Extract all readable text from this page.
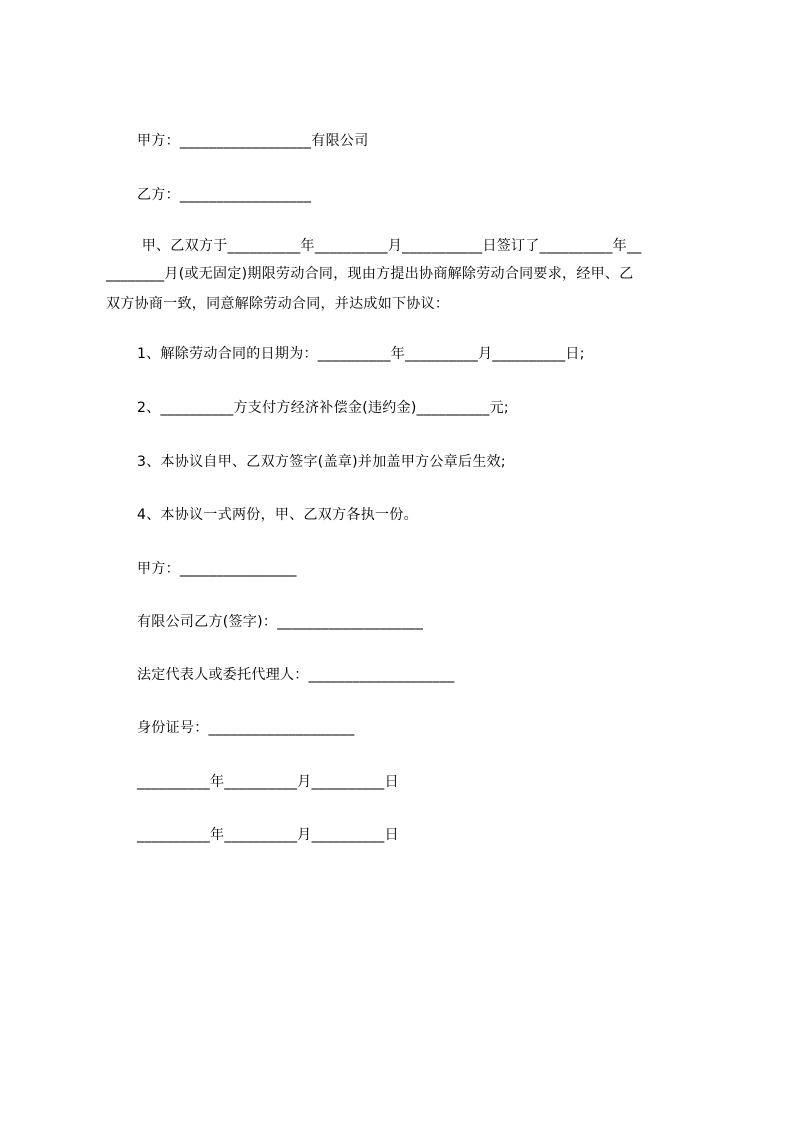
甲方：__________________有限公司
乙方：__________________
甲、乙双方于__________年__________月___________日签订了__________年__
________月(或无固定)期限劳动合同，现由方提出协商解除劳动合同要求，经甲、乙
双方协商一致，同意解除劳动合同，并达成如下协议：
1、解除劳动合同的日期为：__________年__________月__________日;
2、__________方支付方经济补偿金(违约金)__________元;
3、本协议自甲、乙双方签字(盖章)并加盖甲方公章后生效;
4、本协议一式两份，甲、乙双方各执一份。
甲方：________________
有限公司乙方(签字)：____________________
法定代表人或委托代理人：____________________
身份证号：____________________
__________年__________月__________日
__________年__________月__________日
